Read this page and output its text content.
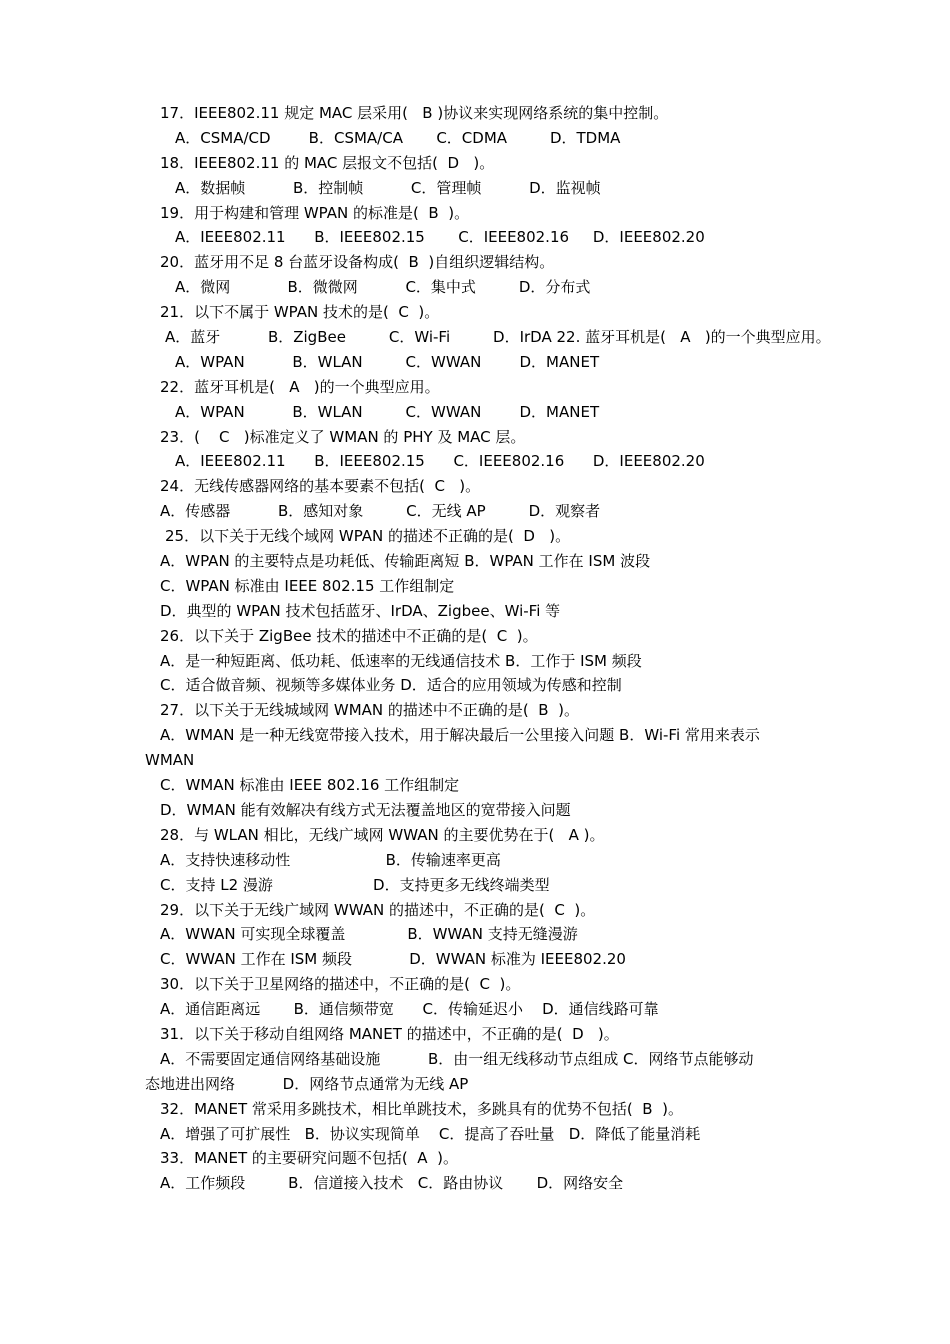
17．IEEE802.11 规定 MAC 层采用(   B )协议来实现网络系统的集中控制。
A．CSMA/CD        B．CSMA/CA       C．CDMA         D．TDMA
18．IEEE802.11 的 MAC 层报文不包括(  D   )。
A．数据帧          B．控制帧          C．管理帧          D．监视帧
19．用于构建和管理 WPAN 的标准是(  B  )。
A．IEEE802.11      B．IEEE802.15       C．IEEE802.16     D．IEEE802.20
20．蓝牙用不足 8 台蓝牙设备构成(  B  )自组织逻辑结构。
A．微网            B．微微网          C．集中式         D．分布式
21．以下不属于 WPAN 技术的是(  C  )。
A．蓝牙          B．ZigBee         C．Wi-Fi         D．IrDA 22. 蓝牙耳机是(   A   )的一个典型应用。
A．WPAN          B．WLAN         C．WWAN        D．MANET
22．蓝牙耳机是(   A   )的一个典型应用。
A．WPAN          B．WLAN         C．WWAN        D．MANET
23．(    C   )标准定义了 WMAN 的 PHY 及 MAC 层。
A．IEEE802.11      B．IEEE802.15      C．IEEE802.16      D．IEEE802.20
24．无线传感器网络的基本要素不包括(  C   )。
A．传感器          B．感知对象         C．无线 AP         D．观察者
25．以下关于无线个域网 WPAN 的描述不正确的是(  D   )。
A．WPAN 的主要特点是功耗低、传输距离短 B．WPAN 工作在 ISM 波段
C．WPAN 标准由 IEEE 802.15 工作组制定
D．典型的 WPAN 技术包括蓝牙、IrDA、Zigbee、Wi-Fi 等
26．以下关于 ZigBee 技术的描述中不正确的是(  C  )。
A．是一种短距离、低功耗、低速率的无线通信技术 B．工作于 ISM 频段
C．适合做音频、视频等多媒体业务 D．适合的应用领域为传感和控制
27．以下关于无线城域网 WMAN 的描述中不正确的是(  B  )。
A．WMAN 是一种无线宽带接入技术，用于解决最后一公里接入问题 B．Wi-Fi 常用来表示
WMAN
C．WMAN 标准由 IEEE 802.16 工作组制定
D．WMAN 能有效解决有线方式无法覆盖地区的宽带接入问题
28．与 WLAN 相比，无线广域网 WWAN 的主要优势在于(   A )。
A．支持快速移动性                    B．传输速率更高
C．支持 L2 漫游                     D．支持更多无线终端类型
29．以下关于无线广域网 WWAN 的描述中，不正确的是(  C  )。
A．WWAN 可实现全球覆盖             B．WWAN 支持无缝漫游
C．WWAN 工作在 ISM 频段            D．WWAN 标准为 IEEE802.20
30．以下关于卫星网络的描述中，不正确的是(  C  )。
A．通信距离远       B．通信频带宽      C．传输延迟小    D．通信线路可靠
31．以下关于移动自组网络 MANET 的描述中，不正确的是(  D   )。
A．不需要固定通信网络基础设施          B．由一组无线移动节点组成 C．网络节点能够动
态地进出网络          D．网络节点通常为无线 AP
32．MANET 常采用多跳技术，相比单跳技术，多跳具有的优势不包括(  B  )。
A．增强了可扩展性   B．协议实现简单    C．提高了吞吐量   D．降低了能量消耗
33．MANET 的主要研究问题不包括(  A  )。
A．工作频段         B．信道接入技术   C．路由协议       D．网络安全
